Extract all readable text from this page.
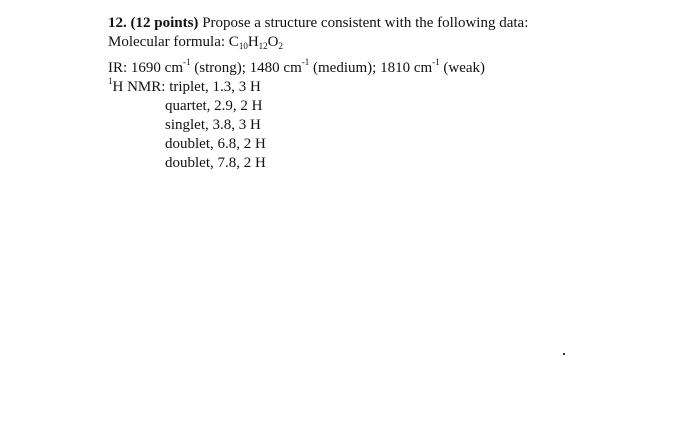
12. (12 points) Propose a structure consistent with the following data:
Molecular formula: $C_{10}H_{12}O_2$
IR: 1690 $cm^{-1}$ (strong); 1480 $cm^{-1}$ (medium); 1810 $cm^{-1}$ (weak)
$^1$H NMR: triplet, 1.3, 3 H
quartet, 2.9, 2 H
singlet, 3.8, 3 H
doublet, 6.8, 2 H
doublet, 7.8, 2 H
